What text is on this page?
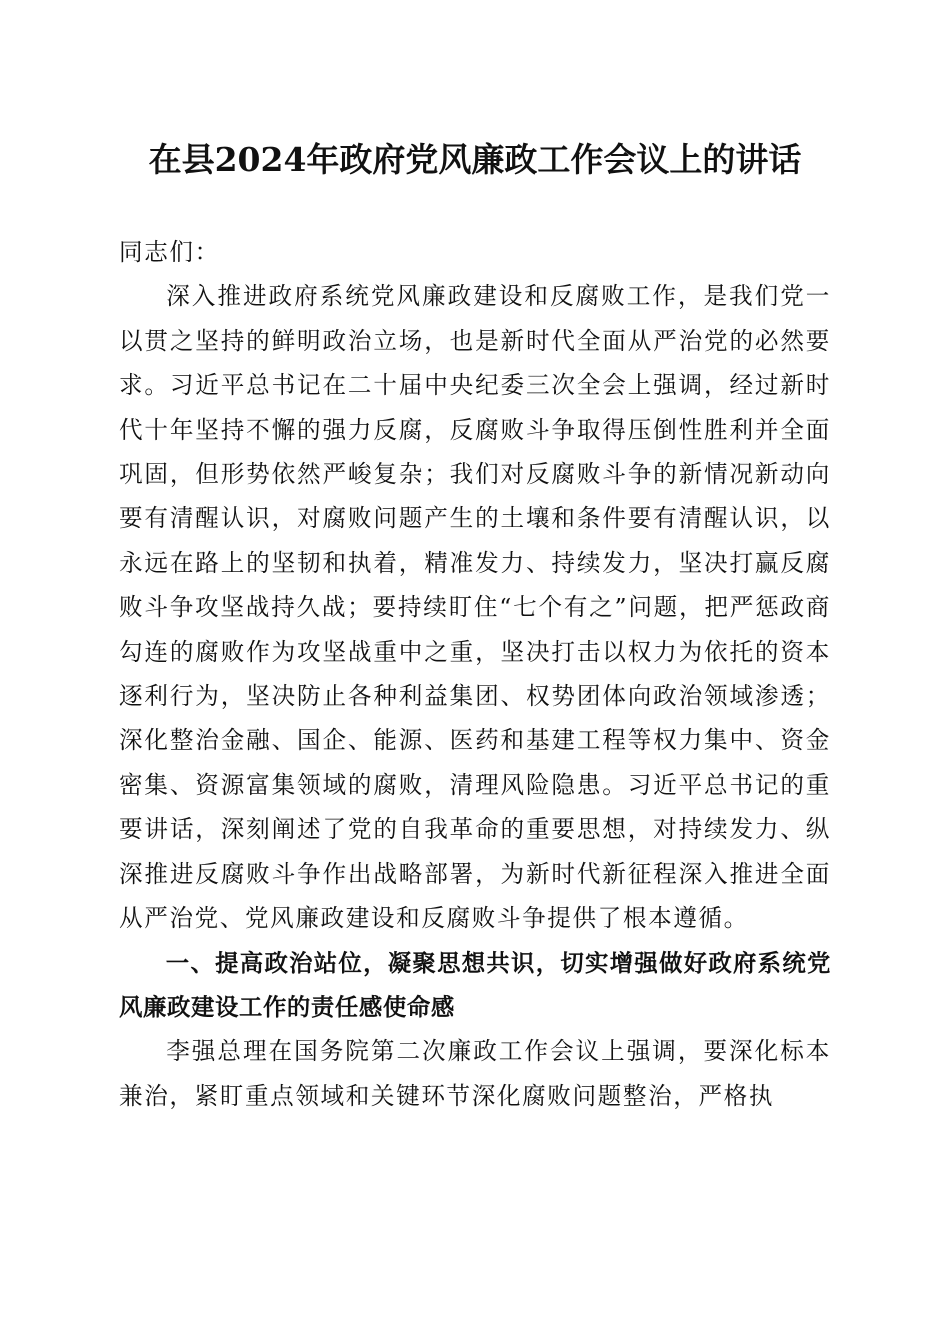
在县2024年政府党风廉政工作会议上的讲话

同志们：

深入推进政府系统党风廉政建设和反腐败工作，是我们党一以贯之坚持的鲜明政治立场，也是新时代全面从严治党的必然要求。习近平总书记在二十届中央纪委三次全会上强调，经过新时代十年坚持不懈的强力反腐，反腐败斗争取得压倒性胜利并全面巩固，但形势依然严峻复杂；我们对反腐败斗争的新情况新动向要有清醒认识，对腐败问题产生的土壤和条件要有清醒认识，以永远在路上的坚韧和执着，精准发力、持续发力，坚决打赢反腐败斗争攻坚战持久战；要持续盯住“七个有之”问题，把严惩政商勾连的腐败作为攻坚战重中之重，坚决打击以权力为依托的资本逐利行为，坚决防止各种利益集团、权势团体向政治领域渗透；深化整治金融、国企、能源、医药和基建工程等权力集中、资金密集、资源富集领域的腐败，清理风险隐患。习近平总书记的重要讲话，深刻阐述了党的自我革命的重要思想，对持续发力、纵深推进反腐败斗争作出战略部署，为新时代新征程深入推进全面从严治党、党风廉政建设和反腐败斗争提供了根本遵循。

一、提高政治站位，凝聚思想共识，切实增强做好政府系统党风廉政建设工作的责任感使命感

李强总理在国务院第二次廉政工作会议上强调，要深化标本兼治，紧盯重点领域和关键环节深化腐败问题整治，严格执
